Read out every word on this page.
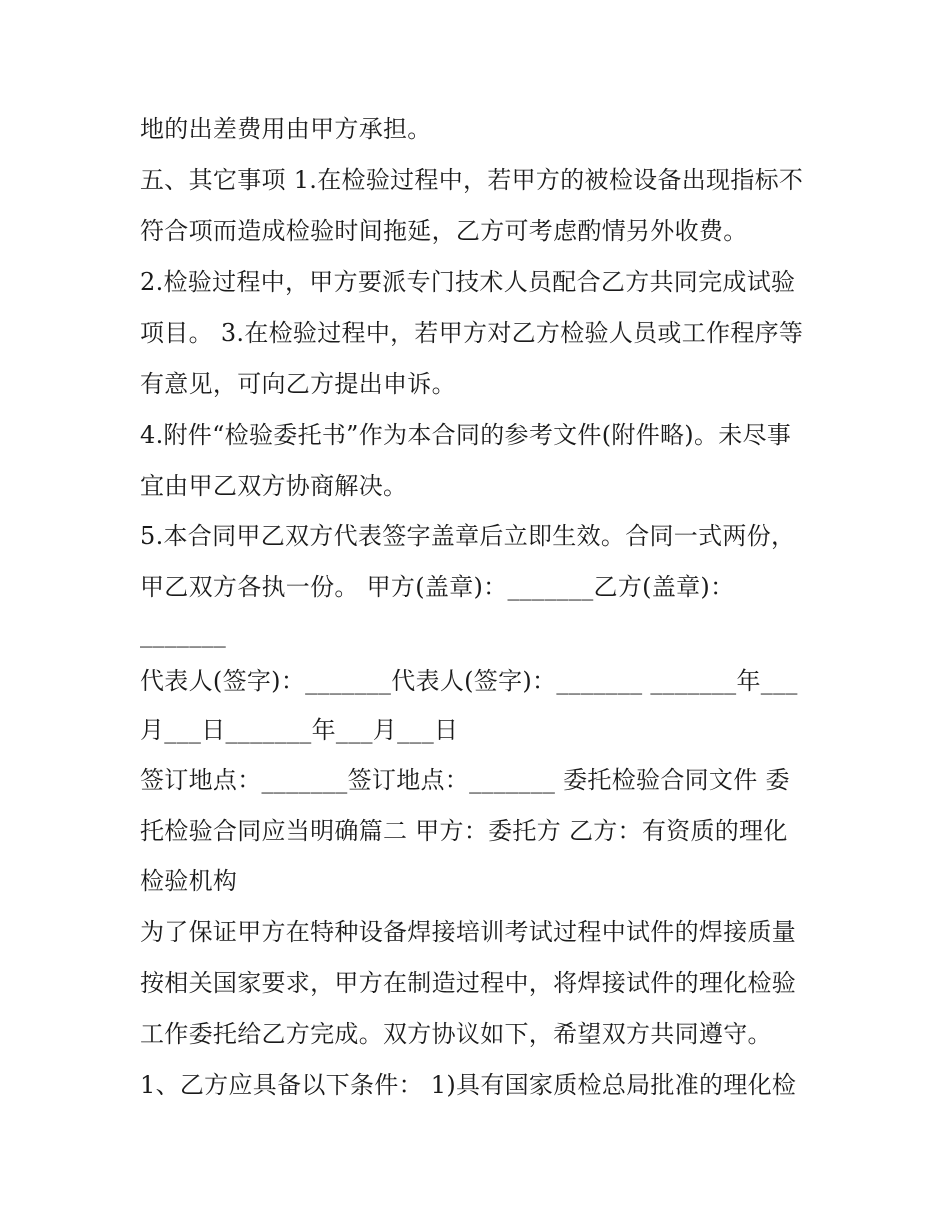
地的出差费用由甲方承担。
五、其它事项 1.在检验过程中，若甲方的被检设备出现指标不
符合项而造成检验时间拖延，乙方可考虑酌情另外收费。
2.检验过程中，甲方要派专门技术人员配合乙方共同完成试验
项目。 3.在检验过程中，若甲方对乙方检验人员或工作程序等
有意见，可向乙方提出申诉。
4.附件“检验委托书”作为本合同的参考文件(附件略)。未尽事
宜由甲乙双方协商解决。
5.本合同甲乙双方代表签字盖章后立即生效。合同一式两份，
甲乙双方各执一份。 甲方(盖章)：_______乙方(盖章)：
_______
代表人(签字)：_______代表人(签字)：_______ _______年___
月___日_______年___月___日
签订地点：_______签订地点：_______ 委托检验合同文件 委
托检验合同应当明确篇二 甲方：委托方 乙方：有资质的理化
检验机构
为了保证甲方在特种设备焊接培训考试过程中试件的焊接质量
按相关国家要求，甲方在制造过程中，将焊接试件的理化检验
工作委托给乙方完成。双方协议如下，希望双方共同遵守。
1、乙方应具备以下条件： 1)具有国家质检总局批准的理化检
